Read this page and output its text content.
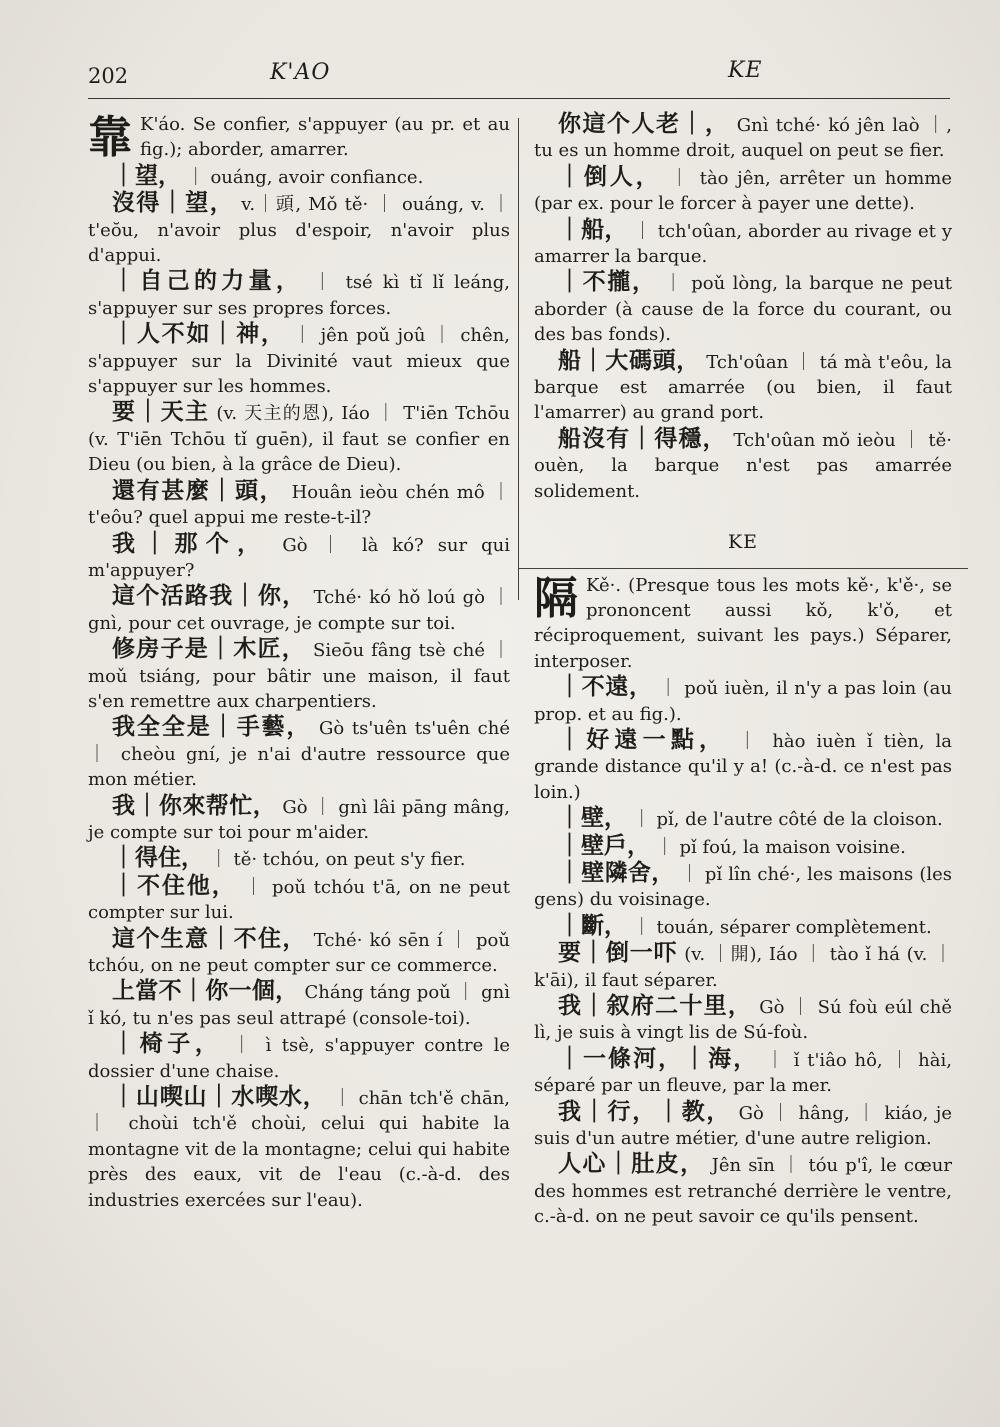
202	K'AO	KE

靠 K'áo. Se confier, s'appuyer (au pr. et au fig.); aborder, amarrer.

｜望， ｜ ouáng, avoir confiance.

沒得｜望， v.｜頭, Mǒ tě· ｜ ouáng, v. ｜ t'eŏu, n'avoir plus d'espoir, n'avoir plus d'appui.

｜自己的力量， ｜ tsé kì tǐ lǐ leáng, s'appuyer sur ses propres forces.

｜人不如｜神， ｜ jên poǔ joû ｜ chên, s'appuyer sur la Divinité vaut mieux que s'appuyer sur les hommes.

要｜天主 (v. 天主的恩), Iáo ｜ T'iēn Tchōu (v. T'iēn Tchōu tǐ guēn), il faut se confier en Dieu (ou bien, à la grâce de Dieu).

還有甚麼｜頭， Houân ieòu chén mô ｜ t'eôu? quel appui me reste-t-il?

我｜那个， Gò ｜ là kó? sur qui m'appuyer?

這个活路我｜你， Tché· kó hǒ loú gò ｜ gnì, pour cet ouvrage, je compte sur toi.

修房子是｜木匠， Sieōu fâng tsè ché ｜ moǔ tsiáng, pour bâtir une maison, il faut s'en remettre aux charpentiers.

我全全是｜手藝， Gò ts'uên ts'uên ché ｜ cheòu gní, je n'ai d'autre ressource que mon métier.

我｜你來帮忙， Gò ｜ gnì lâi pāng mâng, je compte sur toi pour m'aider.

｜得住， ｜ tě· tchóu, on peut s'y fier.

｜不住他， ｜ poǔ tchóu t'ā, on ne peut compter sur lui.

這个生意｜不住， Tché· kó sēn í ｜ poǔ tchóu, on ne peut compter sur ce commerce.

上當不｜你一個， Cháng táng poǔ ｜ gnì ǐ kó, tu n'es pas seul attrapé (console-toi).

｜椅子， ｜ ì tsè, s'appuyer contre le dossier d'une chaise.

｜山喫山｜水喫水， ｜ chān tch'ě chān, ｜ choùi tch'ě choùi, celui qui habite la montagne vit de la montagne; celui qui habite près des eaux, vit de l'eau (c.-à-d. des industries exercées sur l'eau).

你這个人老｜， Gnì tché· kó jên laò ｜, tu es un homme droit, auquel on peut se fier.

｜倒人， ｜ tào jên, arrêter un homme (par ex. pour le forcer à payer une dette).

｜船， ｜ tch'oûan, aborder au rivage et y amarrer la barque.

｜不攏， ｜ poǔ lòng, la barque ne peut aborder (à cause de la force du courant, ou des bas fonds).

船｜大碼頭， Tch'oûan ｜ tá mà t'eôu, la barque est amarrée (ou bien, il faut l'amarrer) au grand port.

船沒有｜得穩， Tch'oûan mǒ ieòu ｜ tě· ouèn, la barque n'est pas amarrée solidement.

KE

隔 Kě·. (Presque tous les mots kě·, k'ě·, se prononcent aussi kǒ, k'ǒ, et réciproquement, suivant les pays.) Séparer, interposer.

｜不遠， ｜ poǔ iuèn, il n'y a pas loin (au prop. et au fig.).

｜好遠一點， ｜ hào iuèn ǐ tièn, la grande distance qu'il y a! (c.-à-d. ce n'est pas loin.)

｜壁， ｜ pǐ, de l'autre côté de la cloison.

｜壁戶， ｜ pǐ foú, la maison voisine.

｜壁隣舍， ｜ pǐ lîn ché·, les maisons (les gens) du voisinage.

｜斷， ｜ touán, séparer complètement.

要｜倒一吓 (v. ｜開), Iáo ｜ tào ǐ há (v. ｜ k'āi), il faut séparer.

我｜叙府二十里， Gò ｜ Sú foù eúl chě lì, je suis à vingt lis de Sú-foù.

｜一條河，｜海， ｜ ǐ t'iâo hô, ｜ hài, séparé par un fleuve, par la mer.

我｜行，｜教， Gò ｜ hâng, ｜ kiáo, je suis d'un autre métier, d'une autre religion.

人心｜肚皮， Jên sīn ｜ tóu p'î, le cœur des hommes est retranché derrière le ventre, c.-à-d. on ne peut savoir ce qu'ils pensent.
